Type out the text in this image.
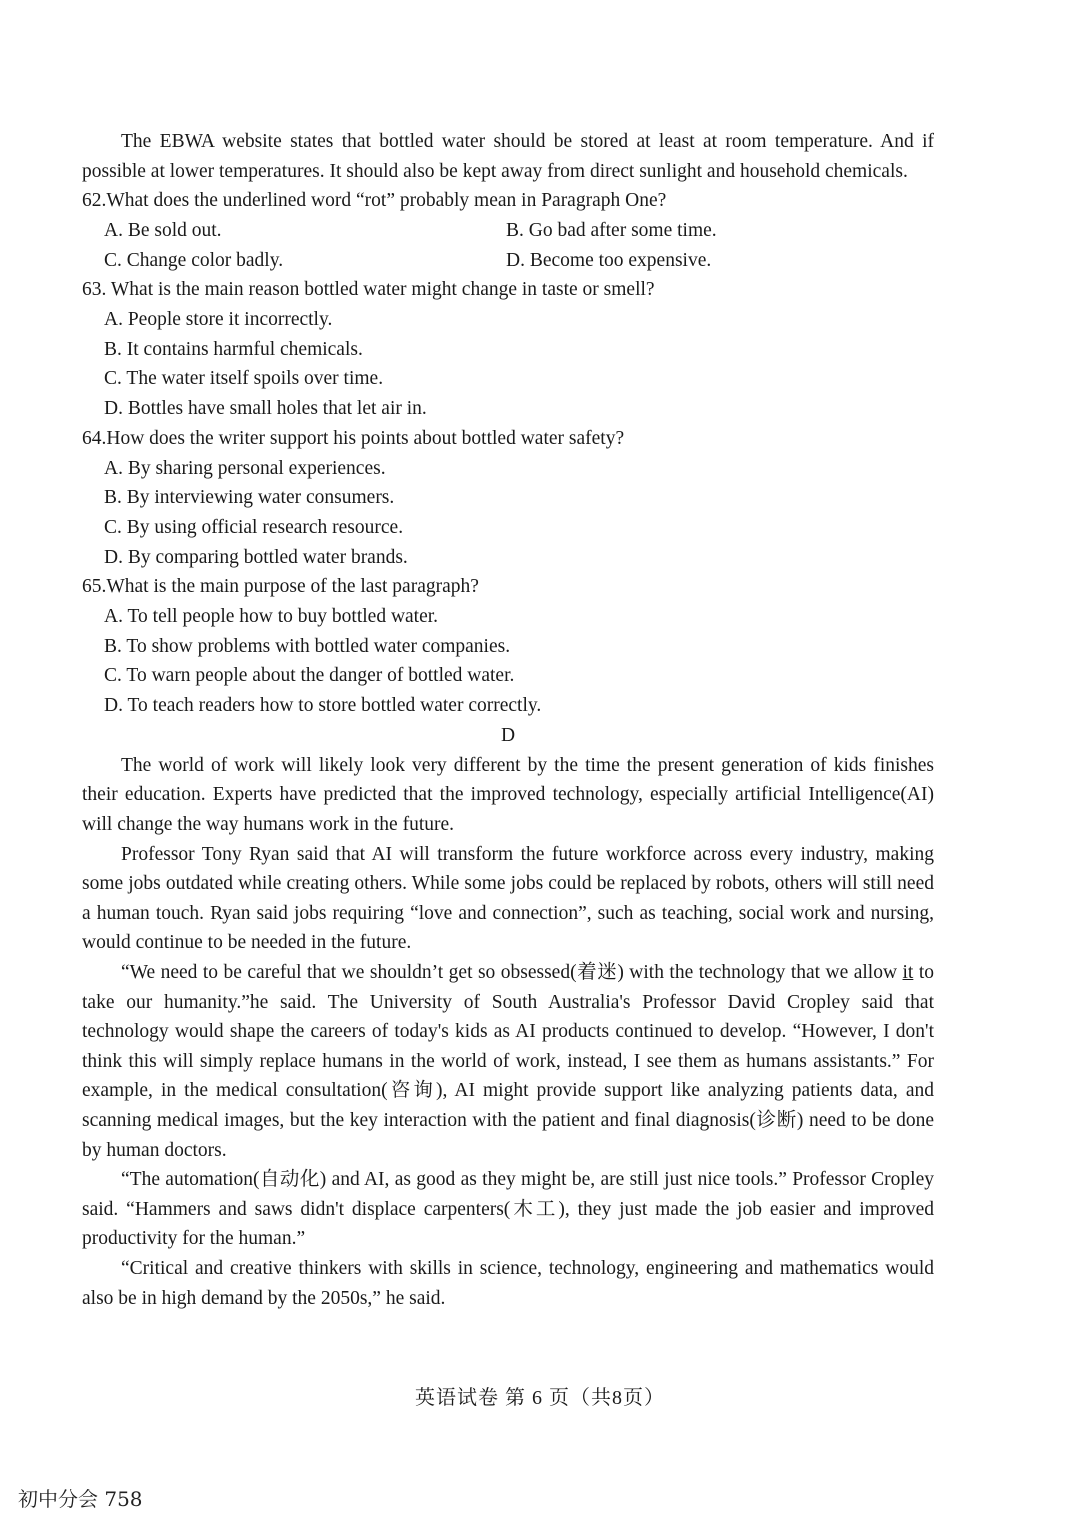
The EBWA website states that bottled water should be stored at least at room temperature. And if possible at lower temperatures. It should also be kept away from direct sunlight and household chemicals.

62.What does the underlined word “rot” probably mean in Paragraph One?

A. Be sold out.	B. Go bad after some time.

C. Change color badly.	D. Become too expensive.

63. What is the main reason bottled water might change in taste or smell?

A. People store it incorrectly.

B. It contains harmful chemicals.

C. The water itself spoils over time.

D. Bottles have small holes that let air in.

64.How does the writer support his points about bottled water safety?

A. By sharing personal experiences.

B. By interviewing water consumers.

C. By using official research resource.

D. By comparing bottled water brands.

65.What is the main purpose of the last paragraph?

A. To tell people how to buy bottled water.

B. To show problems with bottled water companies.

C. To warn people about the danger of bottled water.

D. To teach readers how to store bottled water correctly.

D

The world of work will likely look very different by the time the present generation of kids finishes their education. Experts have predicted that the improved technology, especially artificial Intelligence(AI) will change the way humans work in the future.

Professor Tony Ryan said that AI will transform the future workforce across every industry, making some jobs outdated while creating others. While some jobs could be replaced by robots, others will still need a human touch. Ryan said jobs requiring “love and connection”, such as teaching, social work and nursing, would continue to be needed in the future.

“We need to be careful that we shouldn’t get so obsessed(着迷) with the technology that we allow it to take our humanity.”he said. The University of South Australia's Professor David Cropley said that technology would shape the careers of today's kids as AI products continued to develop. “However, I don't think this will simply replace humans in the world of work, instead, I see them as humans assistants.” For example, in the medical consultation(咨询), AI might provide support like analyzing patients data, and scanning medical images, but the key interaction with the patient and final diagnosis(诊断) need to be done by human doctors.

“The automation(自动化) and AI, as good as they might be, are still just nice tools.” Professor Cropley said. “Hammers and saws didn't displace carpenters(木工), they just made the job easier and improved productivity for the human.”

“Critical and creative thinkers with skills in science, technology, engineering and mathematics would also be in high demand by the 2050s,” he said.

英语试卷 第 6 页（共8页）
初中分会 758
